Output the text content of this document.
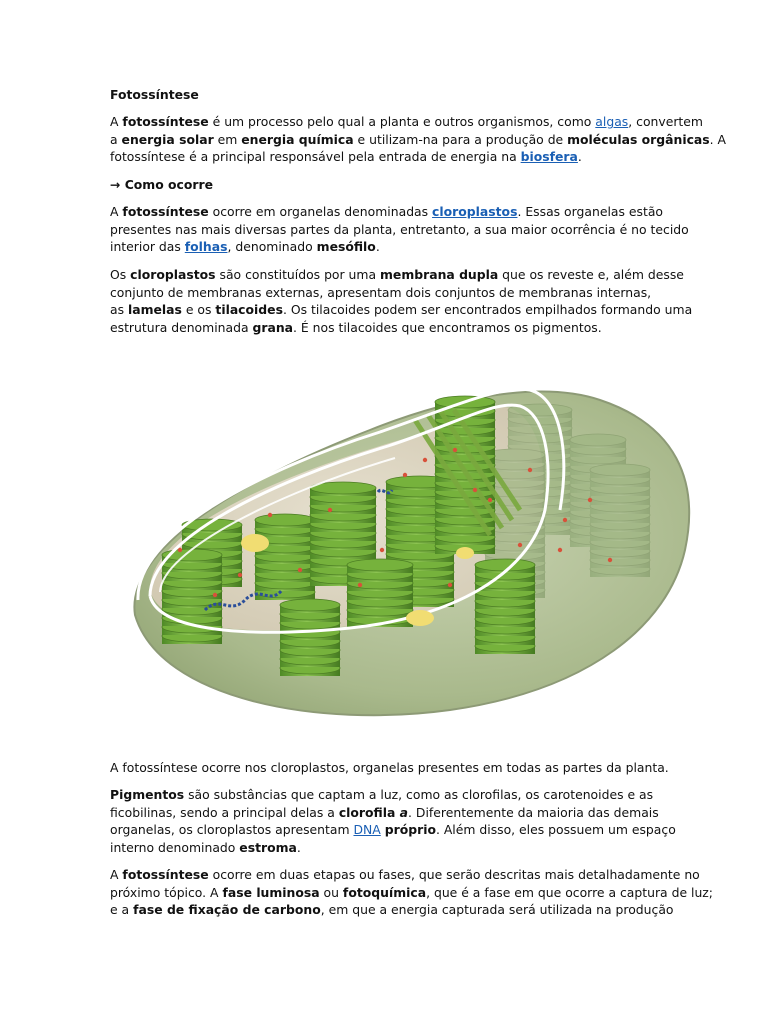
Fotossíntese
A fotossíntese é um processo pelo qual a planta e outros organismos, como algas, convertem
a energia solar em energia química e utilizam-na para a produção de moléculas orgânicas. A
fotossíntese é a principal responsável pela entrada de energia na biosfera.
→ Como ocorre
A fotossíntese ocorre em organelas denominadas cloroplastos. Essas organelas estão
presentes nas mais diversas partes da planta, entretanto, a sua maior ocorrência é no tecido
interior das folhas, denominado mesófilo.
Os cloroplastos são constituídos por uma membrana dupla que os reveste e, além desse
conjunto de membranas externas, apresentam dois conjuntos de membranas internas,
as lamelas e os tilacoides. Os tilacoides podem ser encontrados empilhados formando uma
estrutura denominada grana. É nos tilacoides que encontramos os pigmentos.
A fotossíntese ocorre nos cloroplastos, organelas presentes em todas as partes da planta.
Pigmentos são substâncias que captam a luz, como as clorofilas, os carotenoides e as
ficobilinas, sendo a principal delas a clorofila a. Diferentemente da maioria das demais
organelas, os cloroplastos apresentam DNA próprio. Além disso, eles possuem um espaço
interno denominado estroma.
A fotossíntese ocorre em duas etapas ou fases, que serão descritas mais detalhadamente no
próximo tópico. A fase luminosa ou fotoquímica, que é a fase em que ocorre a captura de luz;
e a fase de fixação de carbono, em que a energia capturada será utilizada na produção
